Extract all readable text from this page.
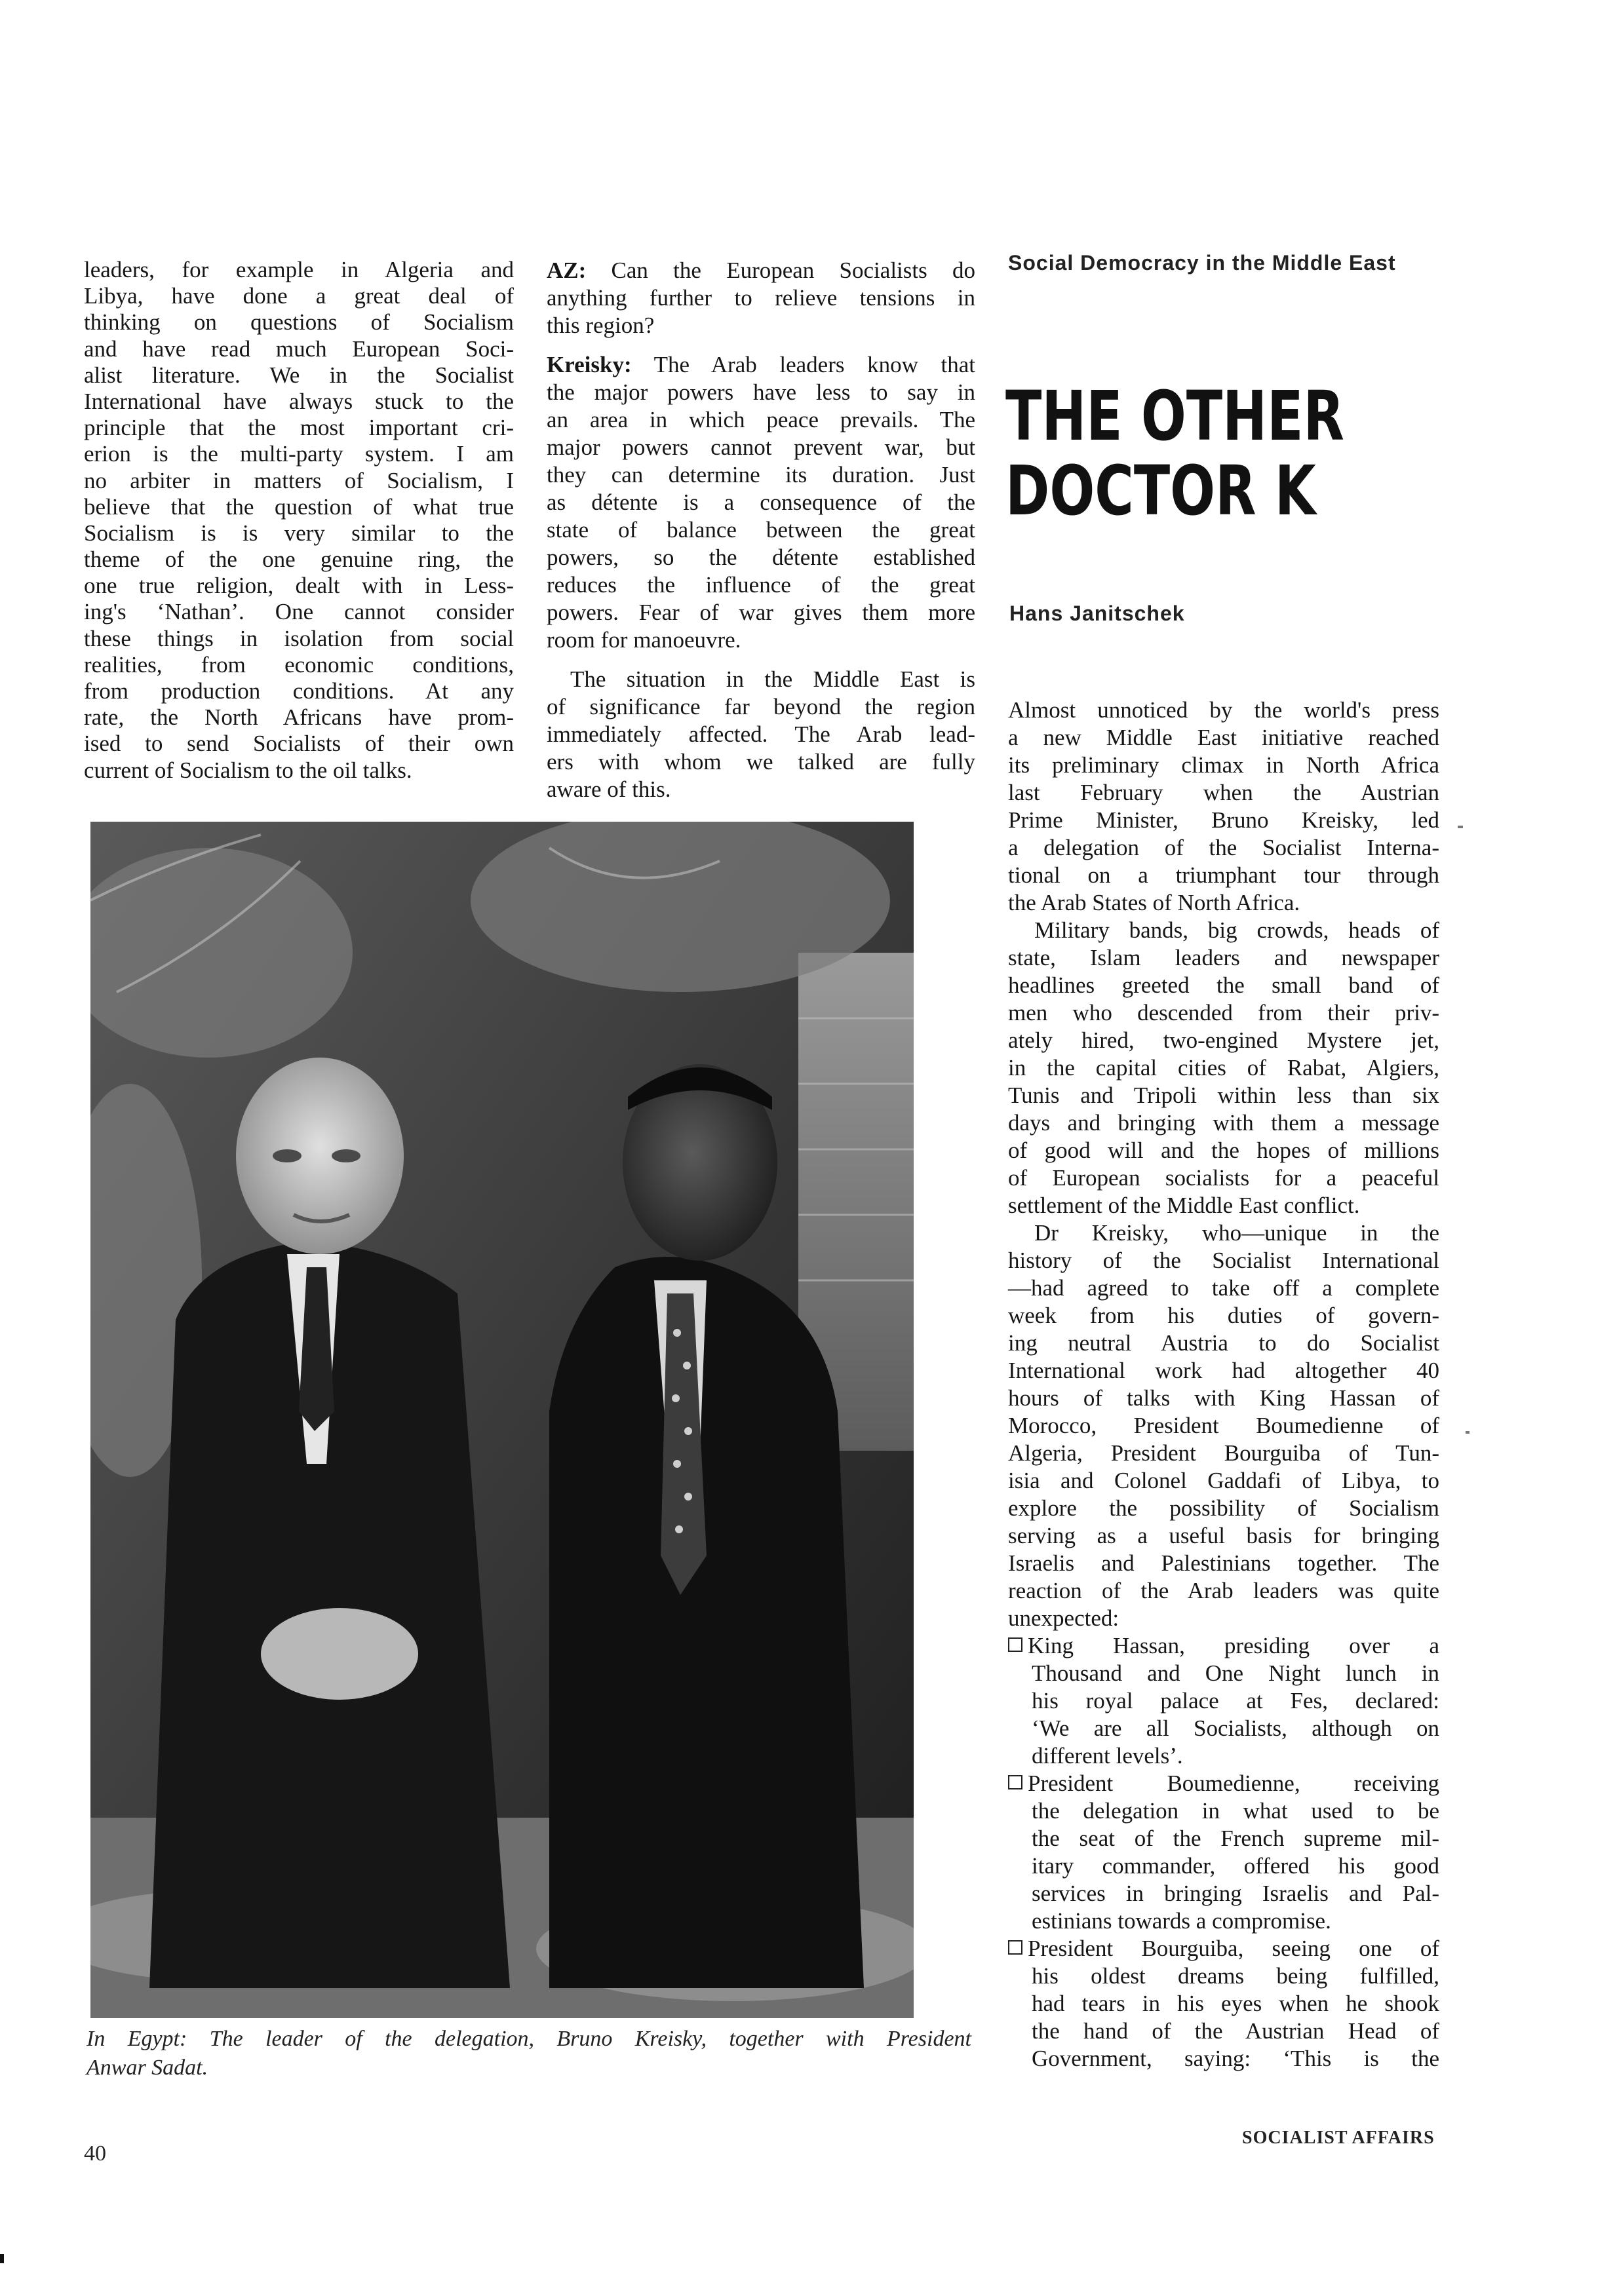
leaders, for example in Algeria and
Libya, have done a great deal of
thinking on questions of Socialism
and have read much European Soci-
alist literature. We in the Socialist
International have always stuck to the
principle that the most important cri-
erion is the multi-party system. I am
no arbiter in matters of Socialism, I
believe that the question of what true
Socialism is is very similar to the
theme of the one genuine ring, the
one true religion, dealt with in Less-
ing's ‘Nathan’. One cannot consider
these things in isolation from social
realities, from economic conditions,
from production conditions. At any
rate, the North Africans have prom-
ised to send Socialists of their own
current of Socialism to the oil talks.
AZ: Can the European Socialists do
anything further to relieve tensions in
this region?
Kreisky: The Arab leaders know that
the major powers have less to say in
an area in which peace prevails. The
major powers cannot prevent war, but
they can determine its duration. Just
as détente is a consequence of the
state of balance between the great
powers, so the détente established
reduces the influence of the great
powers. Fear of war gives them more
room for manoeuvre.
The situation in the Middle East is
of significance far beyond the region
immediately affected. The Arab lead-
ers with whom we talked are fully
aware of this.
Social Democracy in the Middle East
THE OTHER
DOCTOR K
Hans Janitschek
Almost unnoticed by the world's press
a new Middle East initiative reached
its preliminary climax in North Africa
last February when the Austrian
Prime Minister, Bruno Kreisky, led
a delegation of the Socialist Interna-
tional on a triumphant tour through
the Arab States of North Africa.
Military bands, big crowds, heads of
state, Islam leaders and newspaper
headlines greeted the small band of
men who descended from their priv-
ately hired, two-engined Mystere jet,
in the capital cities of Rabat, Algiers,
Tunis and Tripoli within less than six
days and bringing with them a message
of good will and the hopes of millions
of European socialists for a peaceful
settlement of the Middle East conflict.
Dr Kreisky, who—unique in the
history of the Socialist International
—had agreed to take off a complete
week from his duties of govern-
ing neutral Austria to do Socialist
International work had altogether 40
hours of talks with King Hassan of
Morocco, President Boumedienne of
Algeria, President Bourguiba of Tun-
isia and Colonel Gaddafi of Libya, to
explore the possibility of Socialism
serving as a useful basis for bringing
Israelis and Palestinians together. The
reaction of the Arab leaders was quite
unexpected:
King Hassan, presiding over a
Thousand and One Night lunch in
his royal palace at Fes, declared:
‘We are all Socialists, although on
different levels’.
President Boumedienne, receiving
the delegation in what used to be
the seat of the French supreme mil-
itary commander, offered his good
services in bringing Israelis and Pal-
estinians towards a compromise.
President Bourguiba, seeing one of
his oldest dreams being fulfilled,
had tears in his eyes when he shook
the hand of the Austrian Head of
Government, saying: ‘This is the
In Egypt: The leader of the delegation, Bruno Kreisky, together with President
Anwar Sadat.
40
SOCIALIST AFFAIRS
